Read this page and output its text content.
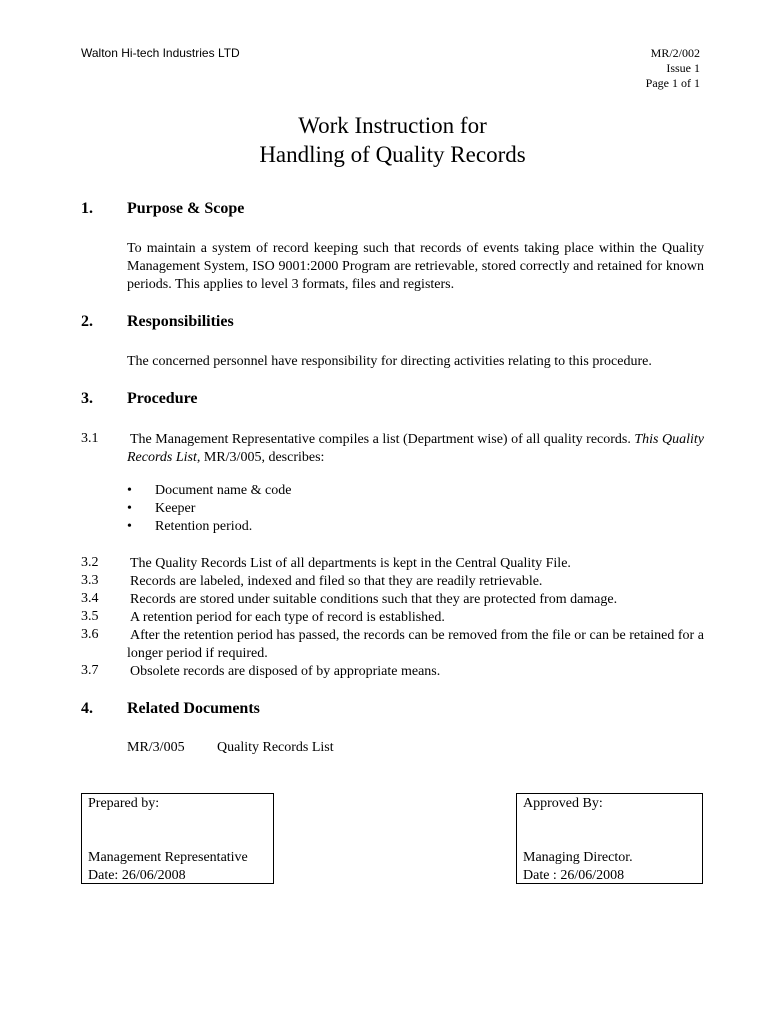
Walton Hi-tech Industries LTD	MR/2/002
Issue 1
Page 1 of 1
Work Instruction for
Handling of Quality Records
1. Purpose & Scope
To maintain a system of record keeping such that records of events taking place within the Quality Management System, ISO 9001:2000 Program are retrievable, stored correctly and retained for known periods. This applies to level 3 formats, files and registers.
2. Responsibilities
The concerned personnel have responsibility for directing activities relating to this procedure.
3. Procedure
3.1 The Management Representative compiles a list (Department wise) of all quality records. This Quality Records List, MR/3/005, describes:
• Document name & code
• Keeper
• Retention period.
3.2 The Quality Records List of all departments is kept in the Central Quality File.
3.3 Records are labeled, indexed and filed so that they are readily retrievable.
3.4 Records are stored under suitable conditions such that they are protected from damage.
3.5 A retention period for each type of record is established.
3.6 After the retention period has passed, the records can be removed from the file or can be retained for a longer period if required.
3.7 Obsolete records are disposed of by appropriate means.
4. Related Documents
MR/3/005 Quality Records List
Prepared by:
Management Representative
Date: 26/06/2008
Approved By:
Managing Director.
Date : 26/06/2008
